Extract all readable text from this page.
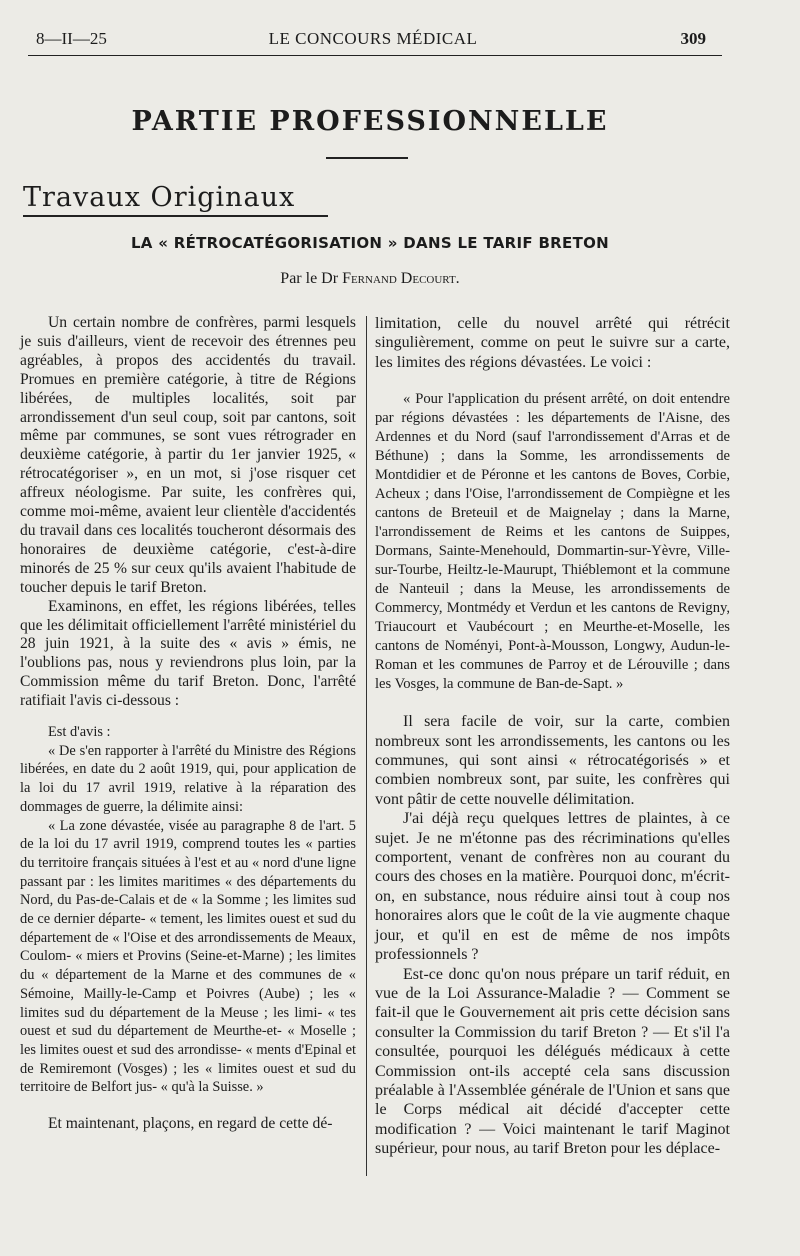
8—II—25	LE CONCOURS MÉDICAL	309
PARTIE PROFESSIONNELLE
Travaux Originaux
LA « RÉTROCATÉGORISATION » DANS LE TARIF BRETON
Par le Dr Fernand Decourt.

Un certain nombre de confrères, parmi lesquels je suis d'ailleurs, vient de recevoir des étrennes peu agréables, à propos des accidentés du travail. Promues en première catégorie, à titre de Régions libérées, de multiples localités, soit par arrondissement d'un seul coup, soit par cantons, soit même par communes, se sont vues rétrograder en deuxième catégorie, à partir du 1er janvier 1925, « rétrocatégoriser », en un mot, si j'ose risquer cet affreux néologisme. Par suite, les confrères qui, comme moi-même, avaient leur clientèle d'accidentés du travail dans ces localités toucheront désormais des honoraires de deuxième catégorie, c'est-à-dire minorés de 25 % sur ceux qu'ils avaient l'habitude de toucher depuis le tarif Breton.

Examinons, en effet, les régions libérées, telles que les délimitait officiellement l'arrêté ministériel du 28 juin 1921, à la suite des « avis » émis, ne l'oublions pas, nous y reviendrons plus loin, par la Commission même du tarif Breton. Donc, l'arrêté ratifiait l'avis ci-dessous :

Est d'avis :

« De s'en rapporter à l'arrêté du Ministre des Régions libérées, en date du 2 août 1919, qui, pour application de la loi du 17 avril 1919, relative à la réparation des dommages de guerre, la délimite ainsi:

« La zone dévastée, visée au paragraphe 8 de l'art. 5 de la loi du 17 avril 1919, comprend toutes les « parties du territoire français situées à l'est et au « nord d'une ligne passant par : les limites maritimes « des départements du Nord, du Pas-de-Calais et de « la Somme ; les limites sud de ce dernier départe- « tement, les limites ouest et sud du département de « l'Oise et des arrondissements de Meaux, Coulom- « miers et Provins (Seine-et-Marne) ; les limites du « département de la Marne et des communes de « Sémoine, Mailly-le-Camp et Poivres (Aube) ; les « limites sud du département de la Meuse ; les limi- « tes ouest et sud du département de Meurthe-et- « Moselle ; les limites ouest et sud des arrondisse- « ments d'Epinal et de Remiremont (Vosges) ; les « limites ouest et sud du territoire de Belfort jus- « qu'à la Suisse. »

Et maintenant, plaçons, en regard de cette dé-

limitation, celle du nouvel arrêté qui rétrécit singulièrement, comme on peut le suivre sur a carte, les limites des régions dévastées. Le voici :

« Pour l'application du présent arrêté, on doit entendre par régions dévastées : les départements de l'Aisne, des Ardennes et du Nord (sauf l'arrondissement d'Arras et de Béthune) ; dans la Somme, les arrondissements de Montdidier et de Péronne et les cantons de Boves, Corbie, Acheux ; dans l'Oise, l'arrondissement de Compiègne et les cantons de Breteuil et de Maignelay ; dans la Marne, l'arrondissement de Reims et les cantons de Suippes, Dormans, Sainte-Menehould, Dommartin-sur-Yèvre, Ville-sur-Tourbe, Heiltz-le-Maurupt, Thiéblemont et la commune de Nanteuil ; dans la Meuse, les arrondissements de Commercy, Montmédy et Verdun et les cantons de Revigny, Triaucourt et Vaubécourt ; en Meurthe-et-Moselle, les cantons de Noményi, Pont-à-Mousson, Longwy, Audun-le-Roman et les communes de Parroy et de Lérouville ; dans les Vosges, la commune de Ban-de-Sapt. »

Il sera facile de voir, sur la carte, combien nombreux sont les arrondissements, les cantons ou les communes, qui sont ainsi « rétrocatégorisés » et combien nombreux sont, par suite, les confrères qui vont pâtir de cette nouvelle délimitation.

J'ai déjà reçu quelques lettres de plaintes, à ce sujet. Je ne m'étonne pas des récriminations qu'elles comportent, venant de confrères non au courant du cours des choses en la matière. Pourquoi donc, m'écrit-on, en substance, nous réduire ainsi tout à coup nos honoraires alors que le coût de la vie augmente chaque jour, et qu'il en est de même de nos impôts professionnels ?

Est-ce donc qu'on nous prépare un tarif réduit, en vue de la Loi Assurance-Maladie ? — Comment se fait-il que le Gouvernement ait pris cette décision sans consulter la Commission du tarif Breton ? — Et s'il l'a consultée, pourquoi les délégués médicaux à cette Commission ont-ils accepté cela sans discussion préalable à l'Assemblée générale de l'Union et sans que le Corps médical ait décidé d'accepter cette modification ? — Voici maintenant le tarif Maginot supérieur, pour nous, au tarif Breton pour les déplace-
